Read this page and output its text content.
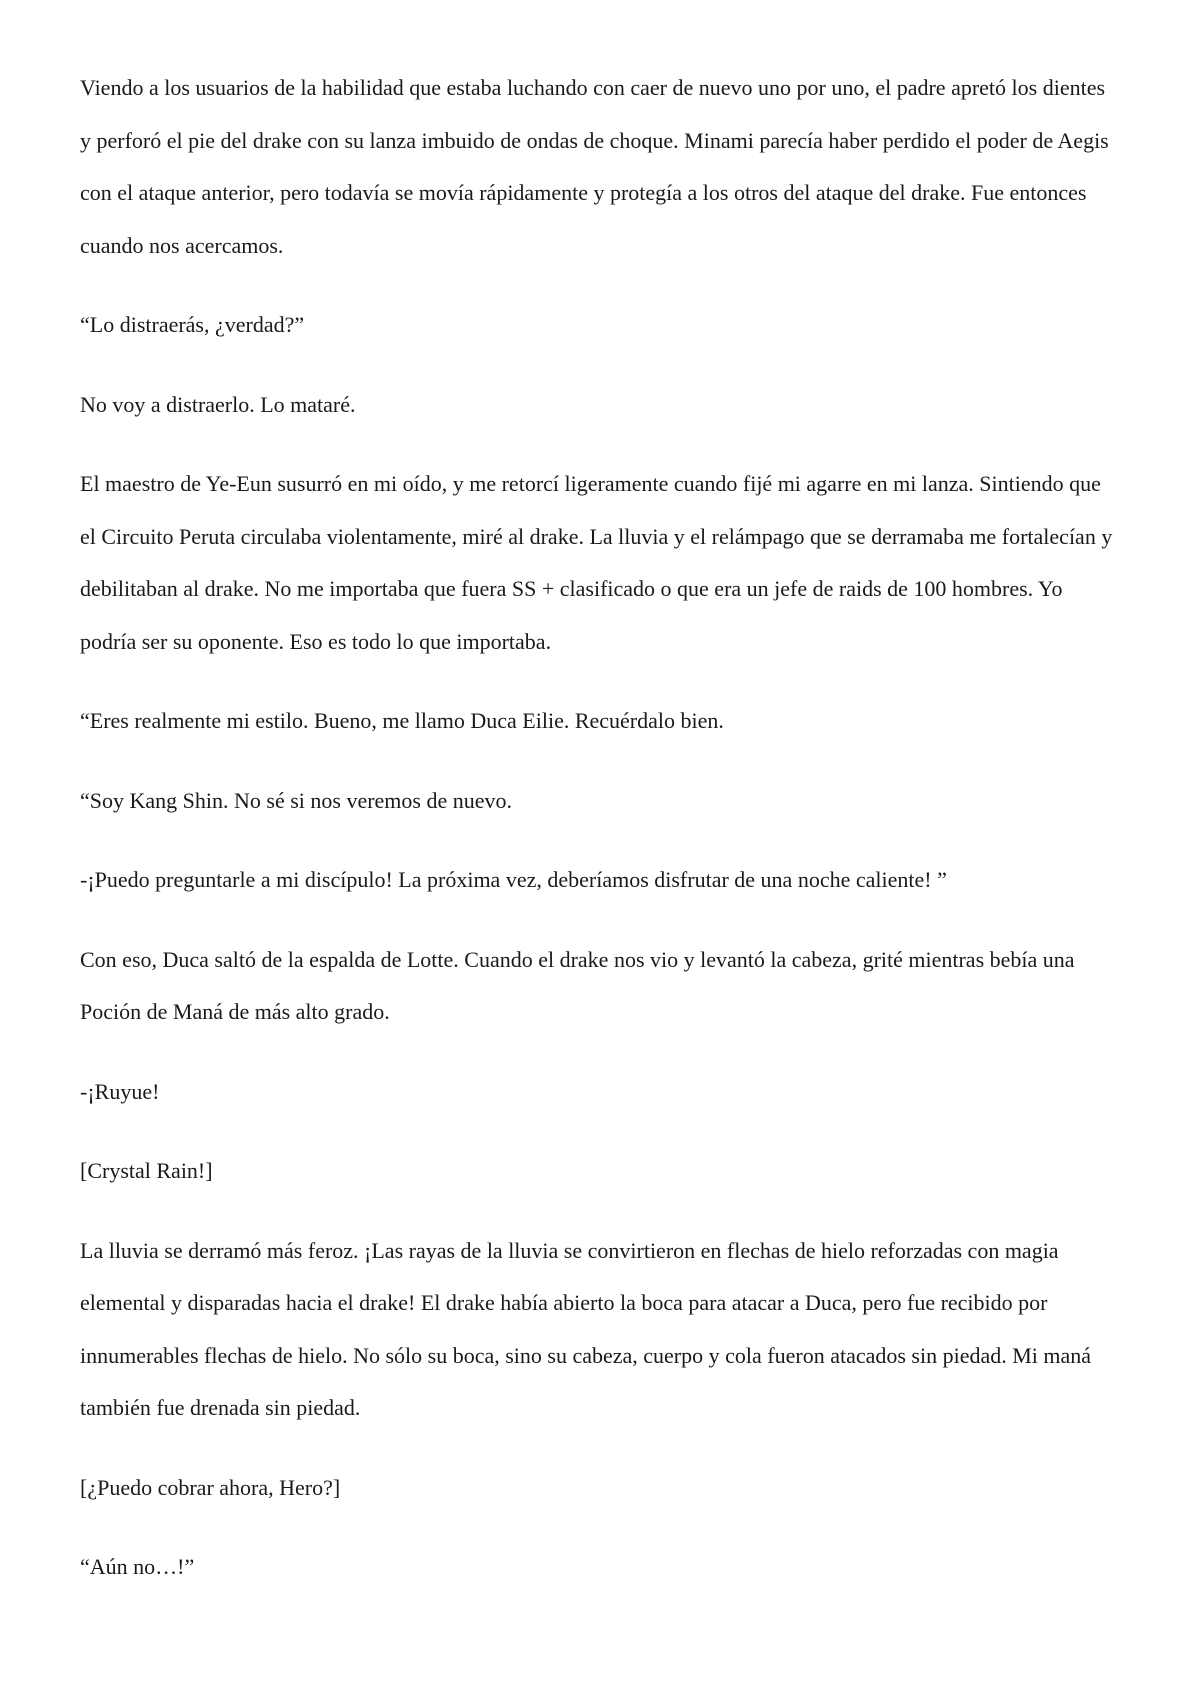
Viendo a los usuarios de la habilidad que estaba luchando con caer de nuevo uno por uno, el padre apretó los dientes y perforó el pie del drake con su lanza imbuido de ondas de choque. Minami parecía haber perdido el poder de Aegis con el ataque anterior, pero todavía se movía rápidamente y protegía a los otros del ataque del drake. Fue entonces cuando nos acercamos.

“Lo distraerás, ¿verdad?”

No voy a distraerlo. Lo mataré.

El maestro de Ye-Eun susurró en mi oído, y me retorcí ligeramente cuando fijé mi agarre en mi lanza. Sintiendo que el Circuito Peruta circulaba violentamente, miré al drake. La lluvia y el relámpago que se derramaba me fortalecían y debilitaban al drake. No me importaba que fuera SS + clasificado o que era un jefe de raids de 100 hombres. Yo podría ser su oponente. Eso es todo lo que importaba.

“Eres realmente mi estilo. Bueno, me llamo Duca Eilie. Recuérdalo bien.

“Soy Kang Shin. No sé si nos veremos de nuevo.

-¡Puedo preguntarle a mi discípulo! La próxima vez, deberíamos disfrutar de una noche caliente! ”

Con eso, Duca saltó de la espalda de Lotte. Cuando el drake nos vio y levantó la cabeza, grité mientras bebía una Poción de Maná de más alto grado.

-¡Ruyue!

[Crystal Rain!]

La lluvia se derramó más feroz. ¡Las rayas de la lluvia se convirtieron en flechas de hielo reforzadas con magia elemental y disparadas hacia el drake! El drake había abierto la boca para atacar a Duca, pero fue recibido por innumerables flechas de hielo. No sólo su boca, sino su cabeza, cuerpo y cola fueron atacados sin piedad. Mi maná también fue drenada sin piedad.

[¿Puedo cobrar ahora, Hero?]

“Aún no…!”
